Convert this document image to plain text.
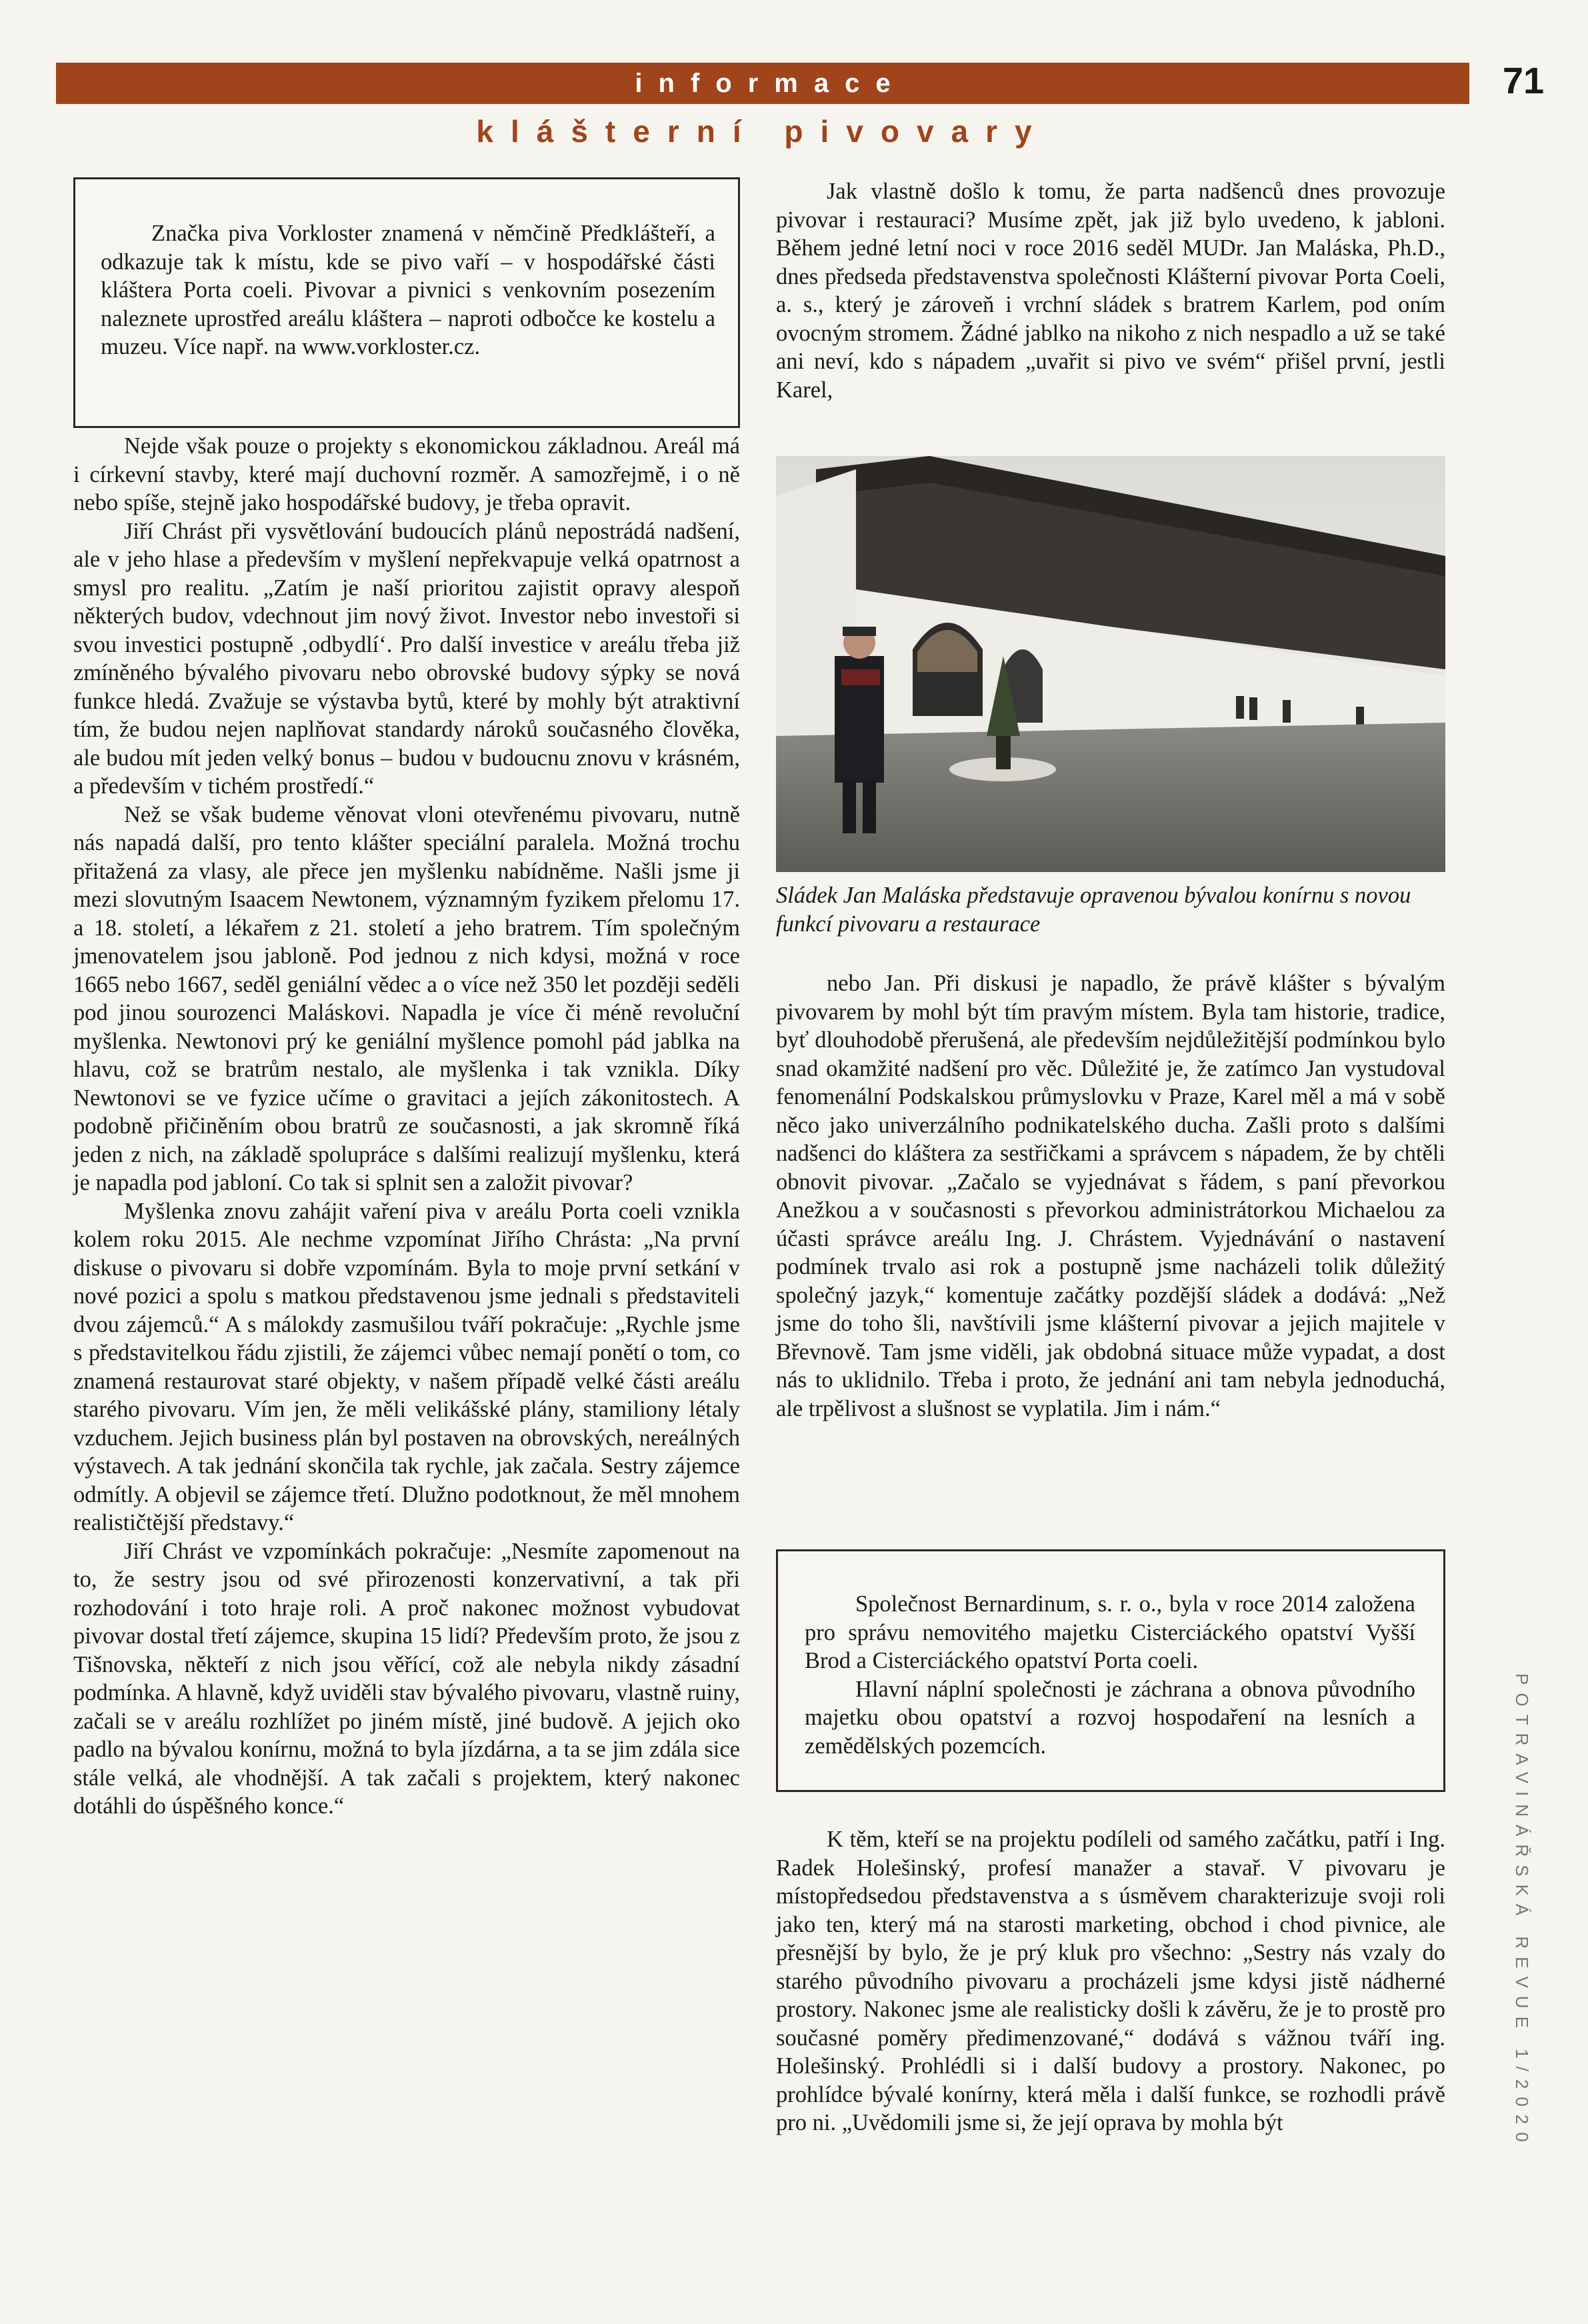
informace	71
klášterní pivovary

Značka piva Vorkloster znamená v němčině Předklášteří, a odkazuje tak k místu, kde se pivo vaří – v hospodářské části kláštera Porta coeli. Pivovar a pivnici s venkovním posezením naleznete uprostřed areálu kláštera – naproti odbočce ke kostelu a muzeu. Více např. na www.vorkloster.cz.

Nejde však pouze o projekty s ekonomickou základnou. Areál má i církevní stavby, které mají duchovní rozměr. A samozřejmě, i o ně nebo spíše, stejně jako hospodářské budovy, je třeba opravit.

Jiří Chrást při vysvětlování budoucích plánů nepostrádá nadšení, ale v jeho hlase a především v myšlení nepřekvapuje velká opatrnost a smysl pro realitu. „Zatím je naší prioritou zajistit opravy alespoň některých budov, vdechnout jim nový život. Investor nebo investoři si svou investici postupně ‚odbydlí‘. Pro další investice v areálu třeba již zmíněného bývalého pivovaru nebo obrovské budovy sýpky se nová funkce hledá. Zvažuje se výstavba bytů, které by mohly být atraktivní tím, že budou nejen naplňovat standardy nároků současného člověka, ale budou mít jeden velký bonus – budou v budoucnu znovu v krásném, a především v tichém prostředí.“

Než se však budeme věnovat vloni otevřenému pivovaru, nutně nás napadá další, pro tento klášter speciální paralela. Možná trochu přitažená za vlasy, ale přece jen myšlenku nabídněme. Našli jsme ji mezi slovutným Isaacem Newtonem, významným fyzikem přelomu 17. a 18. století, a lékařem z 21. století a jeho bratrem. Tím společným jmenovatelem jsou jabloně. Pod jednou z nich kdysi, možná v roce 1665 nebo 1667, seděl geniální vědec a o více než 350 let později seděli pod jinou sourozenci Maláskovi. Napadla je více či méně revoluční myšlenka. Newtonovi prý ke geniální myšlence pomohl pád jablka na hlavu, což se bratrům nestalo, ale myšlenka i tak vznikla. Díky Newtonovi se ve fyzice učíme o gravitaci a jejích zákonitostech. A podobně přičiněním obou bratrů ze současnosti, a jak skromně říká jeden z nich, na základě spolupráce s dalšími realizují myšlenku, která je napadla pod jabloní. Co tak si splnit sen a založit pivovar?

Myšlenka znovu zahájit vaření piva v areálu Porta coeli vznikla kolem roku 2015. Ale nechme vzpomínat Jiřího Chrásta: „Na první diskuse o pivovaru si dobře vzpomínám. Byla to moje první setkání v nové pozici a spolu s matkou představenou jsme jednali s představiteli dvou zájemců.“ A s málokdy zasmušilou tváří pokračuje: „Rychle jsme s představitelkou řádu zjistili, že zájemci vůbec nemají ponětí o tom, co znamená restaurovat staré objekty, v našem případě velké části areálu starého pivovaru. Vím jen, že měli velikášské plány, stamiliony létaly vzduchem. Jejich business plán byl postaven na obrovských, nereálných výstavech. A tak jednání skončila tak rychle, jak začala. Sestry zájemce odmítly. A objevil se zájemce třetí. Dlužno podotknout, že měl mnohem realističtější představy.“

Jiří Chrást ve vzpomínkách pokračuje: „Nesmíte zapomenout na to, že sestry jsou od své přirozenosti konzervativní, a tak při rozhodování i toto hraje roli. A proč nakonec možnost vybudovat pivovar dostal třetí zájemce, skupina 15 lidí? Především proto, že jsou z Tišnovska, někteří z nich jsou věřící, což ale nebyla nikdy zásadní podmínka. A hlavně, když uviděli stav bývalého pivovaru, vlastně ruiny, začali se v areálu rozhlížet po jiném místě, jiné budově. A jejich oko padlo na bývalou konírnu, možná to byla jízdárna, a ta se jim zdála sice stále velká, ale vhodnější. A tak začali s projektem, který nakonec dotáhli do úspěšného konce.“

Jak vlastně došlo k tomu, že parta nadšenců dnes provozuje pivovar i restauraci? Musíme zpět, jak již bylo uvedeno, k jabloni. Během jedné letní noci v roce 2016 seděl MUDr. Jan Maláska, Ph.D., dnes předseda představenstva společnosti Klášterní pivovar Porta Coeli, a. s., který je zároveň i vrchní sládek s bratrem Karlem, pod oním ovocným stromem. Žádné jablko na nikoho z nich nespadlo a už se také ani neví, kdo s nápadem „uvařit si pivo ve svém“ přišel první, jestli Karel,

Sládek Jan Maláska představuje opravenou bývalou konírnu s novou funkcí pivovaru a restaurace

nebo Jan. Při diskusi je napadlo, že právě klášter s bývalým pivovarem by mohl být tím pravým místem. Byla tam historie, tradice, byť dlouhodobě přerušená, ale především nejdůležitější podmínkou bylo snad okamžité nadšení pro věc. Důležité je, že zatímco Jan vystudoval fenomenální Podskalskou průmyslovku v Praze, Karel měl a má v sobě něco jako univerzálního podnikatelského ducha. Zašli proto s dalšími nadšenci do kláštera za sestřičkami a správcem s nápadem, že by chtěli obnovit pivovar. „Začalo se vyjednávat s řádem, s paní převorkou Anežkou a v současnosti s převorkou administrátorkou Michaelou za účasti správce areálu Ing. J. Chrástem. Vyjednávání o nastavení podmínek trvalo asi rok a postupně jsme nacházeli tolik důležitý společný jazyk,“ komentuje začátky pozdější sládek a dodává: „Než jsme do toho šli, navštívili jsme klášterní pivovar a jejich majitele v Břevnově. Tam jsme viděli, jak obdobná situace může vypadat, a dost nás to uklidnilo. Třeba i proto, že jednání ani tam nebyla jednoduchá, ale trpělivost a slušnost se vyplatila. Jim i nám.“

Společnost Bernardinum, s. r. o., byla v roce 2014 založena pro správu nemovitého majetku Cisterciáckého opatství Vyšší Brod a Cisterciáckého opatství Porta coeli.

Hlavní náplní společnosti je záchrana a obnova původního majetku obou opatství a rozvoj hospodaření na lesních a zemědělských pozemcích.

K těm, kteří se na projektu podíleli od samého začátku, patří i Ing. Radek Holešinský, profesí manažer a stavař. V pivovaru je místopředsedou představenstva a s úsměvem charakterizuje svoji roli jako ten, který má na starosti marketing, obchod i chod pivnice, ale přesnější by bylo, že je prý kluk pro všechno: „Sestry nás vzaly do starého původního pivovaru a procházeli jsme kdysi jistě nádherné prostory. Nakonec jsme ale realisticky došli k závěru, že je to prostě pro současné poměry předimenzované,“ dodává s vážnou tváří ing. Holešinský. Prohlédli si i další budovy a prostory. Nakonec, po prohlídce bývalé konírny, která měla i další funkce, se rozhodli právě pro ni. „Uvědomili jsme si, že její oprava by mohla být	POTRAVINÁŘSKÁ REVUE 1/2020
